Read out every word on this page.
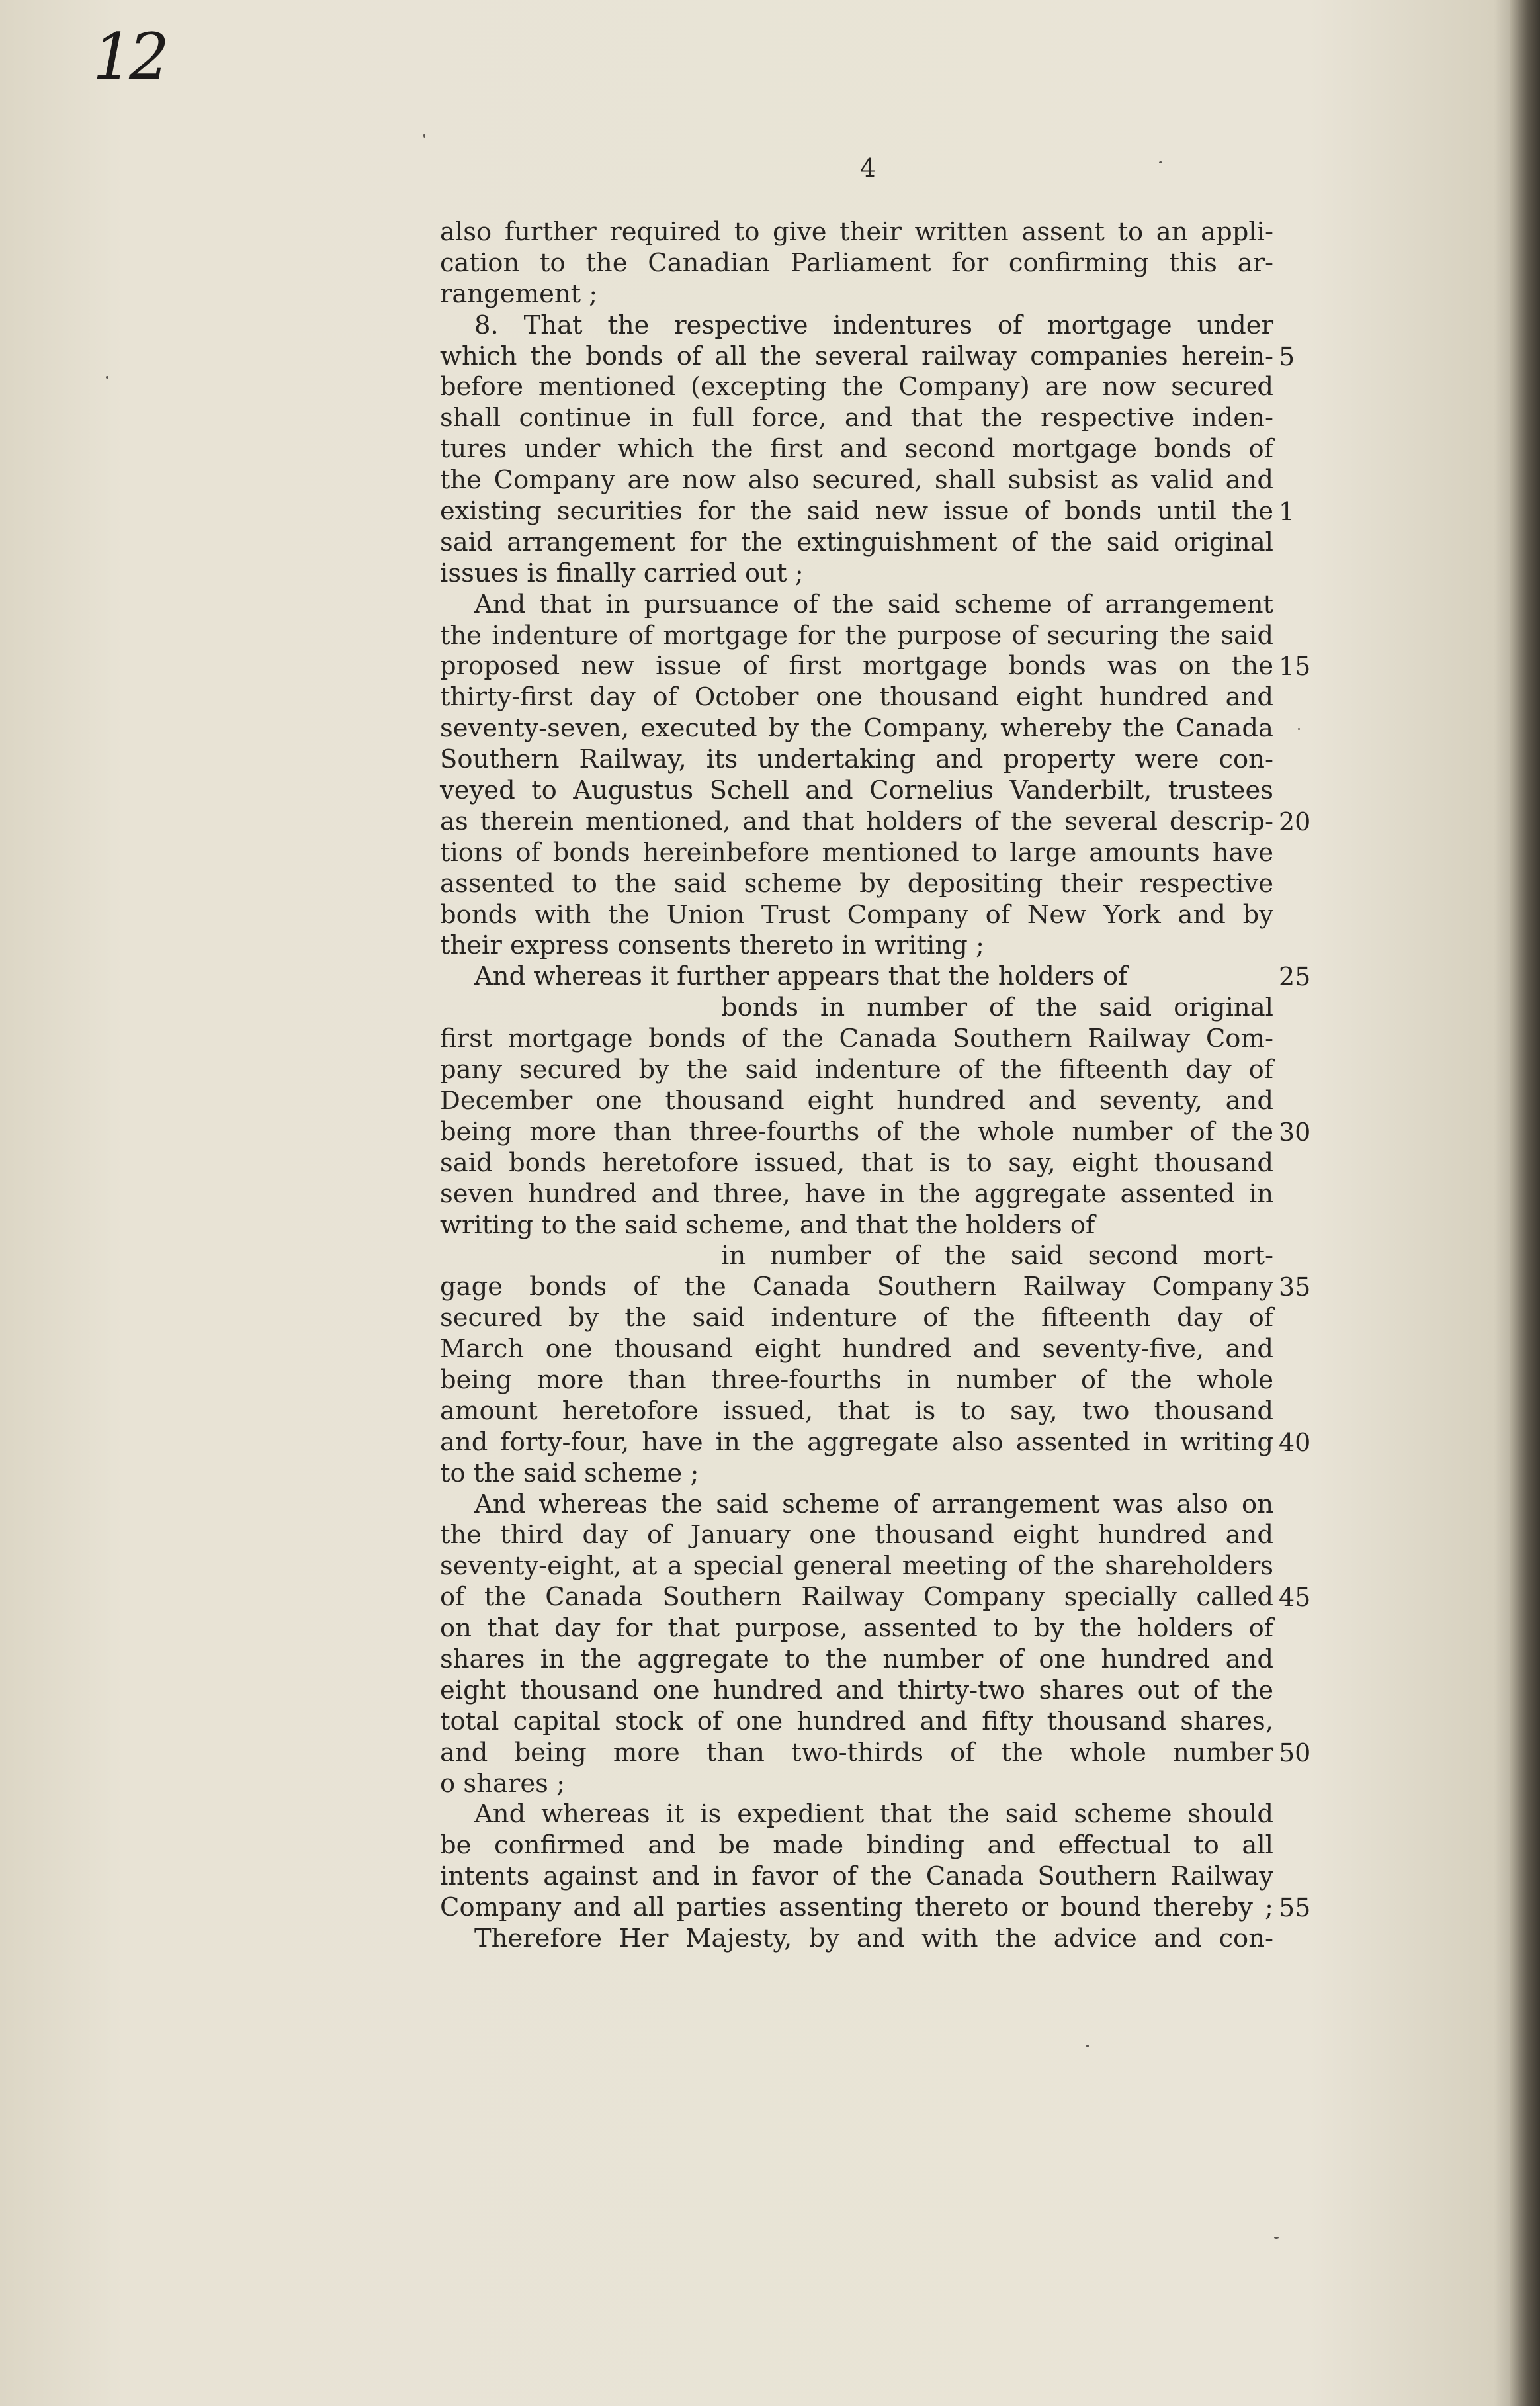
12
4
also further required to give their written assent to an appli-
cation to the Canadian Parliament for confirming this ar-
rangement ;
8. That the respective indentures of mortgage under
which the bonds of all the several railway companies herein- 5
before mentioned (excepting the Company) are now secured
shall continue in full force, and that the respective inden-
tures under which the first and second mortgage bonds of
the Company are now also secured, shall subsist as valid and
existing securities for the said new issue of bonds until the 1
said arrangement for the extinguishment of the said original
issues is finally carried out ;
And that in pursuance of the said scheme of arrangement
the indenture of mortgage for the purpose of securing the said
proposed new issue of first mortgage bonds was on the 15
thirty-first day of October one thousand eight hundred and
seventy-seven, executed by the Company, whereby the Canada
Southern Railway, its undertaking and property were con-
veyed to Augustus Schell and Cornelius Vanderbilt, trustees
as therein mentioned, and that holders of the several descrip- 20
tions of bonds hereinbefore mentioned to large amounts have
assented to the said scheme by depositing their respective
bonds with the Union Trust Company of New York and by
their express consents thereto in writing ;
And whereas it further appears that the holders of	25
bonds in number of the said original
first mortgage bonds of the Canada Southern Railway Com-
pany secured by the said indenture of the fifteenth day of
December one thousand eight hundred and seventy, and
being more than three-fourths of the whole number of the 30
said bonds heretofore issued, that is to say, eight thousand
seven hundred and three, have in the aggregate assented in
writing to the said scheme, and that the holders of
in number of the said second mort-
gage bonds of the Canada Southern Railway Company 35
secured by the said indenture of the fifteenth day of
March one thousand eight hundred and seventy-five, and
being more than three-fourths in number of the whole
amount heretofore issued, that is to say, two thousand
and forty-four, have in the aggregate also assented in writing 40
to the said scheme ;
And whereas the said scheme of arrangement was also on
the third day of January one thousand eight hundred and
seventy-eight, at a special general meeting of the shareholders
of the Canada Southern Railway Company specially called 45
on that day for that purpose, assented to by the holders of
shares in the aggregate to the number of one hundred and
eight thousand one hundred and thirty-two shares out of the
total capital stock of one hundred and fifty thousand shares,
and being more than two-thirds of the whole number 50
o shares ;
And whereas it is expedient that the said scheme should
be confirmed and be made binding and effectual to all
intents against and in favor of the Canada Southern Railway
Company and all parties assenting thereto or bound thereby ; 55
Therefore Her Majesty, by and with the advice and con-
